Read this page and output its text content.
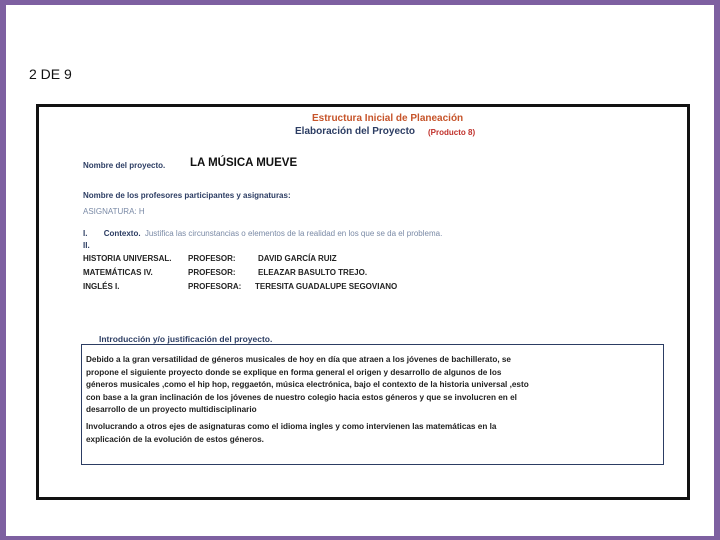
2 DE 9
Estructura Inicial de Planeación
Elaboración del Proyecto (Producto 8)
Nombre del proyecto. LA MÚSICA MUEVE
Nombre de los profesores participantes y asignaturas:
ASIGNATURA: H
I. Contexto. Justifica las circunstancias o elementos de la realidad en los que se da el problema.
II.
HISTORIA UNIVERSAL. PROFESOR:	DAVID GARCÍA RUIZ
MATEMÁTICAS IV.	PROFESOR:	ELEAZAR BASULTO TREJO.
INGLÉS I.	PROFESORA: TERESITA GUADALUPE SEGOVIANO
Introducción y/o justificación del proyecto.
Debido a la gran versatilidad de géneros musicales de hoy en día que atraen a los jóvenes de bachillerato, se
propone el siguiente proyecto donde se explique en forma general el origen y desarrollo de algunos de los
géneros musicales ,como el hip hop, reggaetón, música electrónica, bajo el contexto de la historia universal ,esto
con base a la gran inclinación de los jóvenes de nuestro colegio hacia estos géneros y que se involucren en el
desarrollo de un proyecto multidisciplinario
Involucrando a otros ejes de asignaturas como el idioma ingles y como intervienen las matemáticas en la
explicación de la evolución de estos géneros.
